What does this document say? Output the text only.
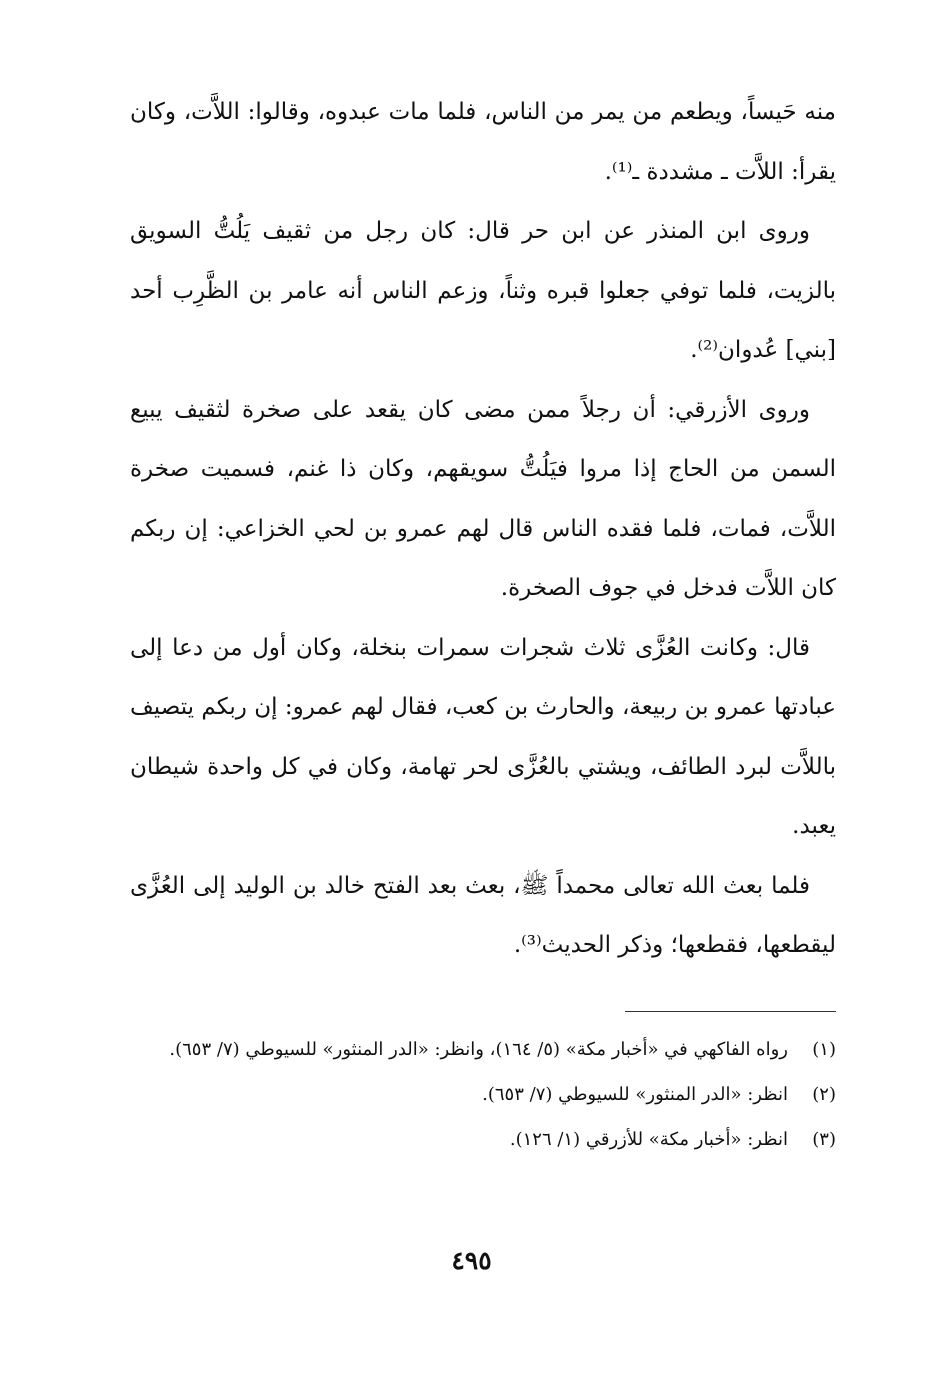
منه حَيساً، ويطعم من يمر من الناس، فلما مات عبدوه، وقالوا: اللاَّت، وكان يقرأ: اللاَّت ـ مشددة ـ⁽¹⁾.

وروى ابن المنذر عن ابن حر قال: كان رجل من ثقيف يَلُتُّ السويق بالزيت، فلما توفي جعلوا قبره وثناً، وزعم الناس أنه عامر بن الظَّرِب أحد [بني] عُدوان⁽²⁾.

وروى الأزرقي: أن رجلاً ممن مضى كان يقعد على صخرة لثقيف يبيع السمن من الحاج إذا مروا فيَلُتُّ سويقهم، وكان ذا غنم، فسميت صخرة اللاَّت، فمات، فلما فقده الناس قال لهم عمرو بن لحي الخزاعي: إن ربكم كان اللاَّت فدخل في جوف الصخرة.

قال: وكانت العُزَّى ثلاث شجرات سمرات بنخلة، وكان أول من دعا إلى عبادتها عمرو بن ربيعة، والحارث بن كعب، فقال لهم عمرو: إن ربكم يتصيف باللاَّت لبرد الطائف، ويشتي بالعُزَّى لحر تهامة، وكان في كل واحدة شيطان يعبد.

فلما بعث الله تعالى محمداً ﷺ، بعث بعد الفتح خالد بن الوليد إلى العُزَّى ليقطعها، فقطعها؛ وذكر الحديث⁽³⁾.

(١)
رواه الفاكهي في «أخبار مكة» (٥/ ١٦٤)، وانظر: «الدر المنثور» للسيوطي (٧/ ٦٥٣).
(٢)
انظر: «الدر المنثور» للسيوطي (٧/ ٦٥٣).
(٣)
انظر: «أخبار مكة» للأزرقي (١/ ١٢٦).
٤٩٥
